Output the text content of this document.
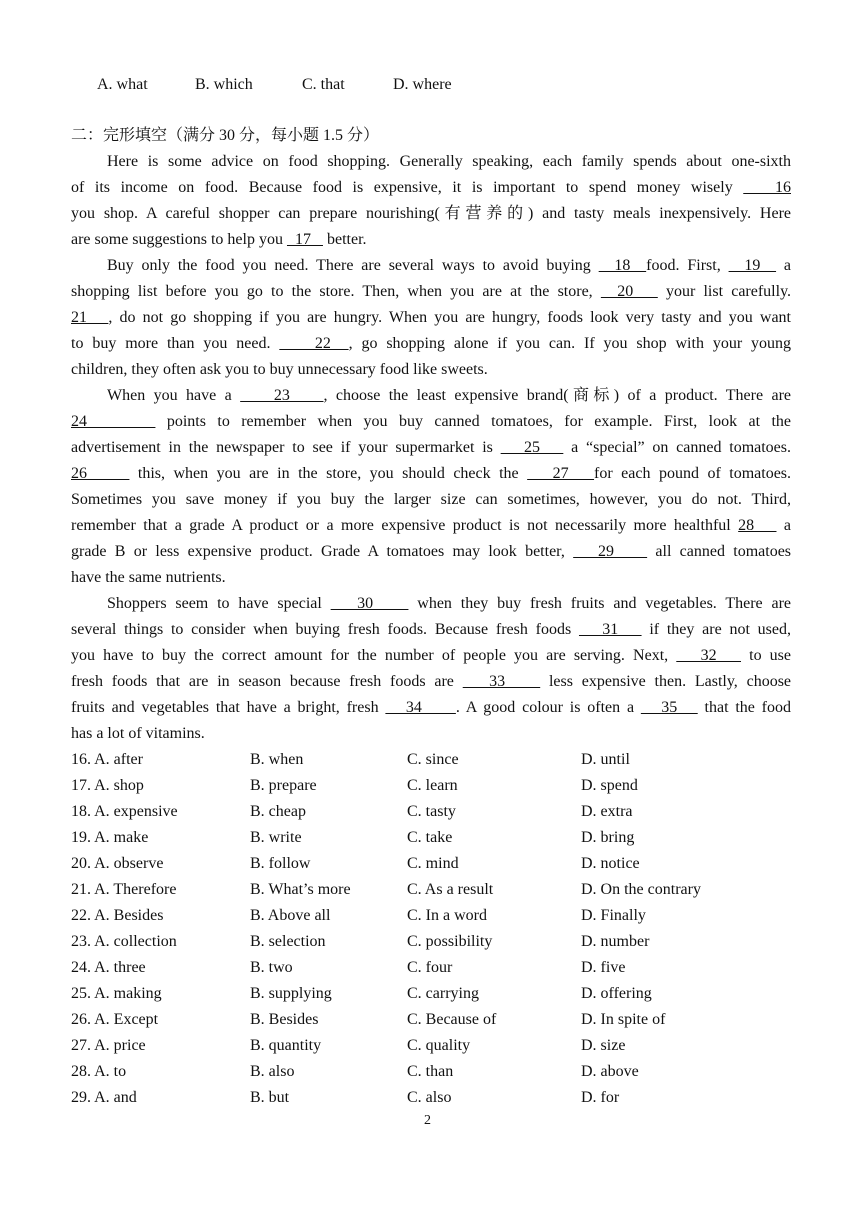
A. what	B. which	C. that	D. where
二：完形填空（满分 30 分，每小题 1.5 分）
Here is some advice on food shopping. Generally speaking, each family spends about one-sixth
of its income on food. Because food is expensive, it is important to spend money wisely    16
you shop. A careful shopper can prepare nourishing(有营养的) and tasty meals inexpensively. Here
are some suggestions to help you   17    better.
Buy only the food you need. There are several ways to avoid buying   18  food. First,   19   a
shopping list before you go to the store. Then, when you are at the store,   20    your list carefully.
21   , do not go shopping if you are hungry. When you are hungry, foods look very tasty and you want
to buy more than you need.     22  , go shopping alone if you can. If you shop with your young
children, they often ask you to buy unnecessary food like sweets.
When you have a     23    , choose the least expensive brand(商标) of a product. There are
24       points to remember when you buy canned tomatoes, for example. First, look at the
advertisement in the newspaper to see if your supermarket is    25    a “special” on canned tomatoes.
26      this, when you are in the store, you should check the    27   for each pound of tomatoes.
Sometimes you save money if you buy the larger size can sometimes, however, you do not. Third,
remember that a grade A product or a more expensive product is not necessarily more healthful 28    a
grade B or less expensive product. Grade A tomatoes may look better,    29     all canned tomatoes
have the same nutrients.
Shoppers seem to have special    30     when they buy fresh fruits and vegetables. There are
several things to consider when buying fresh foods. Because fresh foods    31    if they are not used,
you have to buy the correct amount for the number of people you are serving. Next,    32    to use
fresh foods that are in season because fresh foods are    33     less expensive then. Lastly, choose
fruits and vegetables that have a bright, fresh    34     . A good colour is often a    35    that the food
has a lot of vitamins.
16. A. after	B. when	C. since	D. until
17. A. shop	B. prepare	C. learn	D. spend
18. A. expensive	B. cheap	C. tasty	D. extra
19. A. make	B. write	C. take	D. bring
20. A. observe	B. follow	C. mind	D. notice
21. A. Therefore	B. What’s more	C. As a result	D. On the contrary
22. A. Besides	B. Above all	C. In a word	D. Finally
23. A. collection	B. selection	C. possibility	D. number
24. A. three	B. two	C. four	D. five
25. A. making	B. supplying	C. carrying	D. offering
26. A. Except	B. Besides	C. Because of	D. In spite of
27. A. price	B. quantity	C. quality	D. size
28. A. to	B. also	C. than	D. above
29. A. and	B. but	C. also	D. for
2
